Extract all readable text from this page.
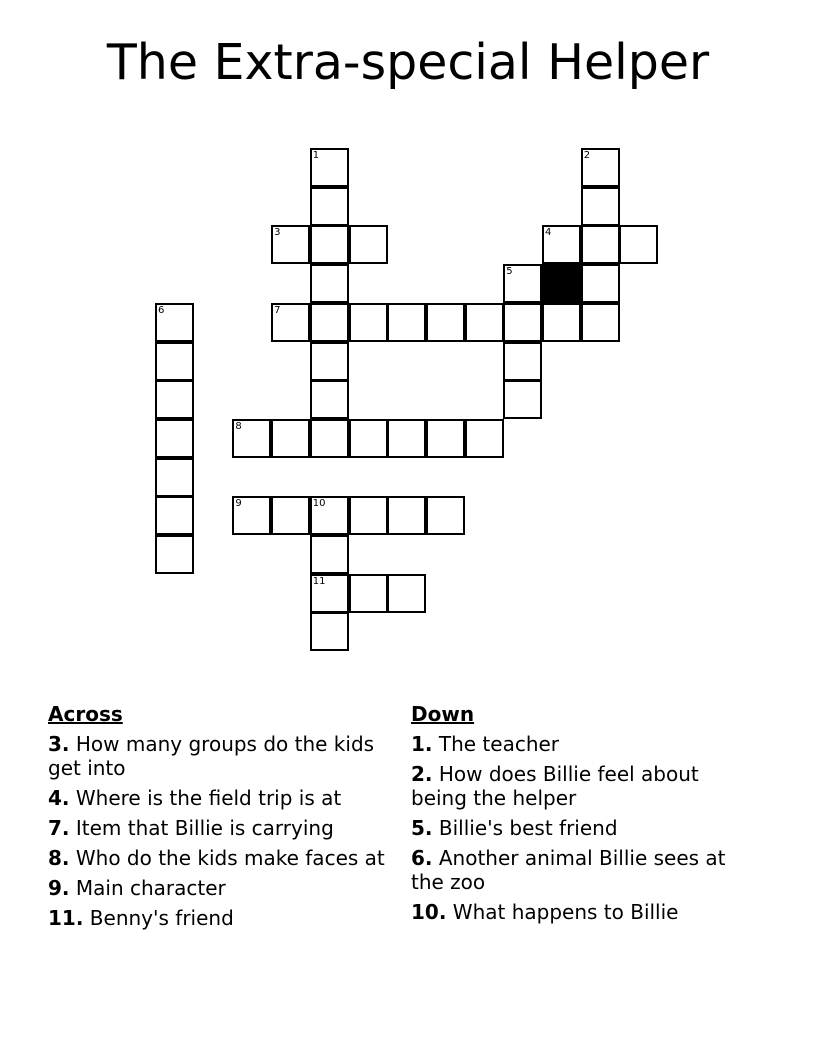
The Extra-special Helper
1	2
3	4
5
6	7
8
9	10
11
Across
3. How many groups do the kids get into
4. Where is the field trip is at
7. Item that Billie is carrying
8. Who do the kids make faces at
9. Main character
11. Benny's friend
Down
1. The teacher
2. How does Billie feel about being the helper
5. Billie's best friend
6. Another animal Billie sees at the zoo
10. What happens to Billie
